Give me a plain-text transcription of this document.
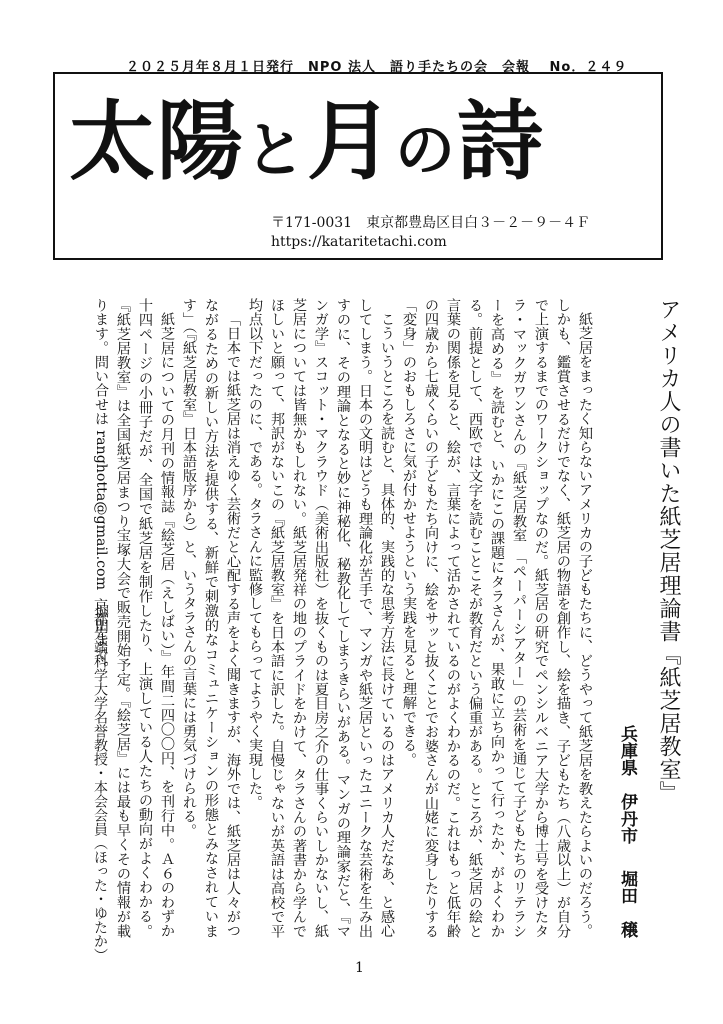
２０２５月年８月１日発行　NPO 法人　語り手たちの会　会報　 No．２４９
太陽と月の詩
〒171-0031　東京都豊島区目白３－２－９－４Ｆ
https://kataritetachi.com
アメリカ人の書いた紙芝居理論書『紙芝居教室』
兵庫県　伊丹市
堀田　穣

紙芝居をまったく知らないアメリカの子どもたちに、どうやって紙芝居を教えたらよいのだろう。しかも、鑑賞させるだけでなく、紙芝居の物語を創作し、絵を描き、子どもたち（八歳以上）が自分で上演するまでのワークショップなのだ。紙芝居の研究でペンシルベニア大学から博士号を受けたタラ・マックガワンさんの『紙芝居教室　「ペーパーシアター」の芸術を通じて子どもたちのリテラシーを高める』を読むと、いかにこの課題にタラさんが、果敢に立ち向かって行ったか、がよくわかる。前提として、西欧では文字を読むことこそが教育だという偏重がある。ところが、紙芝居の絵と言葉の関係を見ると、絵が、言葉によって活かされているのがよくわかるのだ。これはもっと低年齢の四歳から七歳くらいの子どもたち向けに、絵をサッと抜くことでお婆さんが山姥に変身したりする「変身」のおもしろさに気が付かせようという実践を見ると理解できる。

こういうところを読むと、具体的、実践的な思考方法に長けているのはアメリカ人だなあ、と感心してしまう。日本の文明はどうも理論化が苦手で、マンガや紙芝居といったユニークな芸術を生み出すのに、その理論となると妙に神秘化、秘教化してしまうきらいがある。マンガの理論家だと、『マンガ学』スコット・マクラウド（美術出版社）を抜くものは夏目房之介の仕事くらいしかないし、紙芝居については皆無かもしれない。紙芝居発祥の地のプライドをかけて、タラさんの著書から学んでほしいと願って、邦訳がないこの『紙芝居教室』を日本語に訳した。自慢じゃないが英語は高校で平均点以下だったのに、である。タラさんに監修してもらってようやく実現した。

「日本では紙芝居は消えゆく芸術だと心配する声をよく聞きますが、海外では、紙芝居は人々がつながるための新しい方法を提供する、新鮮で刺激的なコミュニケーションの形態とみなされています」（『紙芝居教室』日本語版序から）と、いうタラさんの言葉には勇気づけられる。

紙芝居についての月刊の情報誌『絵芝居（えしばい）』年間二四〇〇円、を刊行中。Ａ６のわずか十四ページの小冊子だが、全国で紙芝居を制作したり、上演している人たちの動向がよくわかる。『紙芝居教室』は全国紙芝居まつり宝塚大会で販売開始予定。『絵芝居』には最も早くその情報が載ります。問い合せは ranghotta@gmail.com　堀田まで。

京都先端科学大学名誉教授・本会会員（ほった・ゆたか）
1
